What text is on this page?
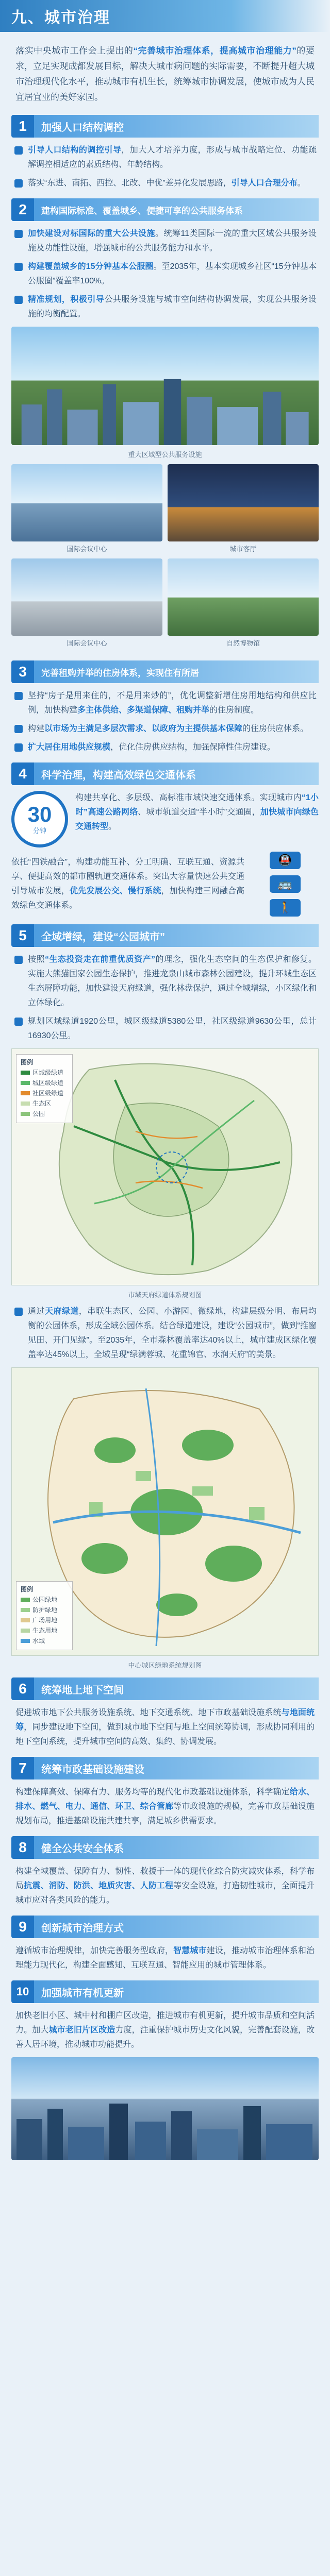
九、城市治理
落实中央城市工作会上提出的“完善城市治理体系，提高城市治理能力”的要求，立足实现成都发展目标，解决大城市病问题的实际需要，不断提升超大城市治理现代化水平，推动城市有机生长，统筹城市协调发展，使城市成为人民宜居宜业的美好家园。
1	加强人口结构调控
引导人口结构的调控引导，加大人才培养力度，形成与城市战略定位、功能疏解调控相适应的素质结构、年龄结构。
落实“东进、南拓、西控、北改、中优”差异化发展思路，引导人口合理分布。
2	建构国际标准、覆盖城乡、便捷可享的公共服务体系
加快建设对标国际的重大公共设施。统筹11类国际一流的重大区域公共服务设施及功能性设施，增强城市的公共服务能力和水平。
构建覆盖城乡的15分钟基本公服圈。至2035年，基本实现城乡社区“15分钟基本公服圈”覆盖率100%。
精准规划，积极引导公共服务设施与城市空间结构协调发展，实现公共服务设施的均衡配置。
重大区域型公共服务设施
国际会议中心	城市客厅
国际会议中心	自然博物馆
3	完善租购并举的住房体系，实现住有所居
坚持“房子是用来住的，不是用来炒的”，优化调整新增住房用地结构和供应比例，加快构建多主体供给、多渠道保障、租购并举的住房制度。
构建以市场为主满足多层次需求、以政府为主提供基本保障的住房供应体系。
扩大居住用地供应规模，优化住房供应结构，加强保障性住房建设。
4	科学治理，构建高效绿色交通体系
30
分钟
构建共享化、多层级、高标准市域快速交通体系。实现城市内“1小时”高速公路网络、城市轨道交通“半小时”交通圈，加快城市向绿色交通转型。
依托“四铁融合”，构建功能互补、分工明确、互联互通、资源共享、便捷高效的都市圈轨道交通体系。突出大容量快速公共交通引导城市发展，优先发展公交、慢行系统，加快构建三网融合高效绿色交通体系。
🚇
🚌
🚶
5	全域增绿，建设“公园城市”
按照“生态投资走在前重优质资产”的理念，强化生态空间的生态保护和修复。实施大熊猫国家公园生态保护，推进龙泉山城市森林公园建设，提升环城生态区生态屏障功能，加快建设天府绿道，强化林盘保护，通过全域增绿，小区绿化和立体绿化。
规划区域绿道1920公里，城区级绿道5380公里，社区级绿道9630公里，总计16930公里。
图例
区域级绿道
城区级绿道
社区级绿道
生态区
公园
市域天府绿道体系规划图
通过天府绿道，串联生态区、公园、小游园、微绿地，构建层级分明、布局均衡的公园体系，形成全域公园体系。结合绿道建设，建设“公园城市”，做到“推窗见田、开门见绿”。至2035年，全市森林覆盖率达40%以上，城市建成区绿化覆盖率达45%以上，全域呈现“绿满蓉城、花重锦官、水润天府”的美景。
图例
公园绿地
防护绿地
广场用地
生态用地
水域
中心城区绿地系统规划图
6	统筹地上地下空间
促进城市地下公共服务设施系统、地下交通系统、地下市政基础设施系统与地面统筹，同步建设地下空间，做到城市地下空间与地上空间统筹协调，形成协同利用的地下空间系统，提升城市空间的高效、集约、协调发展。
7	统筹市政基础设施建设
构建保障高效、保障有力、服务均等的现代化市政基础设施体系，科学确定给水、排水、燃气、电力、通信、环卫、综合管廊等市政设施的规模，完善市政基础设施规划布局，推进基础设施共建共享，满足城乡供需要求。
8	健全公共安全体系
构建全域覆盖、保障有力、韧性、救援于一体的现代化综合防灾减灾体系，科学布局抗震、消防、防洪、地质灾害、人防工程等安全设施，打造韧性城市，全面提升城市应对各类风险的能力。
9	创新城市治理方式
遵循城市治理规律，加快完善服务型政府，智慧城市建设，推动城市治理体系和治理能力现代化，构建全面感知、互联互通、智能应用的城市管理体系。
10	加强城市有机更新
加快老旧小区、城中村和棚户区改造，推进城市有机更新，提升城市品质和空间活力。加大城市老旧片区改造力度，注重保护城市历史文化风貌，完善配套设施，改善人居环境，推动城市功能提升。
